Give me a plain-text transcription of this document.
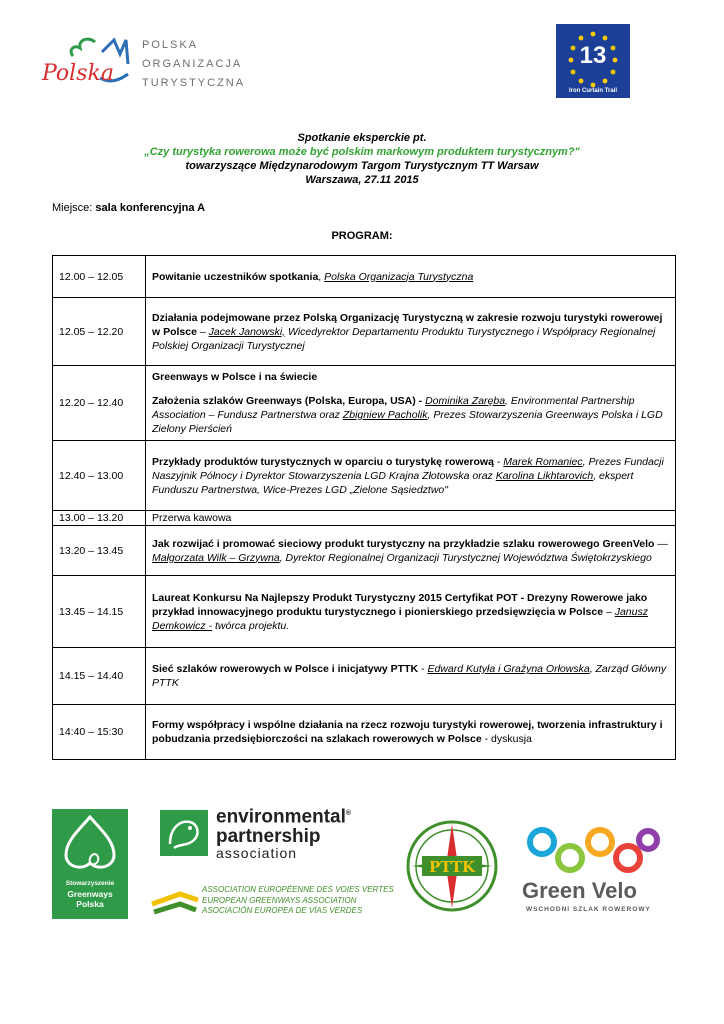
Polska
POLSKA
ORGANIZACJA
TURYSTYCZNA
13
Iron Curtain Trail
Spotkanie eksperckie pt.
„Czy turystyka rowerowa może być polskim markowym produktem turystycznym?"
towarzyszące Międzynarodowym Targom Turystycznym TT Warsaw
Warszawa, 27.11 2015
Miejsce: sala konferencyjna A
PROGRAM:
12.00 – 12.05	Powitanie uczestników spotkania, Polska Organizacja Turystyczna
12.05 – 12.20	Działania podejmowane przez Polską Organizację Turystyczną w zakresie rozwoju turystyki rowerowej w Polsce – Jacek Janowski, Wicedyrektor Departamentu Produktu Turystycznego i Współpracy Regionalnej Polskiej Organizacji Turystycznej
12.20 – 12.40	Greenways w Polsce i na świecie
Założenia szlaków Greenways (Polska, Europa, USA) - Dominika Zaręba, Environmental Partnership Association – Fundusz Partnerstwa oraz Zbigniew Pacholik, Prezes Stowarzyszenia Greenways Polska i LGD Zielony Pierścień

12.40 – 13.00	Przykłady produktów turystycznych w oparciu o turystykę rowerową - Marek Romaniec, Prezes Fundacji Naszyjnik Północy i Dyrektor Stowarzyszenia LGD Krajna Złotowska oraz Karolina Likhtarovich, ekspert Funduszu Partnerstwa, Wice-Prezes LGD „Zielone Sąsiedztwo"
13.00 – 13.20	Przerwa kawowa
13.20 – 13.45	Jak rozwijać i promować sieciowy produkt turystyczny na przykładzie szlaku rowerowego GreenVelo — Małgorzata Wilk – Grzywna, Dyrektor Regionalnej Organizacji Turystycznej Województwa Świętokrzyskiego
13.45 – 14.15	Laureat Konkursu Na Najlepszy Produkt Turystyczny 2015 Certyfikat POT - Drezyny Rowerowe jako przykład innowacyjnego produktu turystycznego i pionierskiego przedsięwzięcia w Polsce – Janusz Demkowicz - twórca projektu.
14.15 – 14.40	Sieć szlaków rowerowych w Polsce i inicjatywy PTTK - Edward Kutyła i Grażyna Orłowska, Zarząd Główny PTTK
14:40 – 15:30	Formy współpracy i wspólne działania na rzecz rozwoju turystyki rowerowej, tworzenia infrastruktury i pobudzania przedsiębiorczości na szlakach rowerowych w Polsce - dyskusja
Stowarzyszenie
Greenways
Polska
environmental®
partnership
association
ASSOCIATION EUROPÉENNE DES VOIES VERTES
EUROPEAN GREENWAYS ASSOCIATION
ASOCIACIÓN EUROPEA DE VÍAS VERDES
PTTK
Green Velo
WSCHODNI SZLAK ROWEROWY
